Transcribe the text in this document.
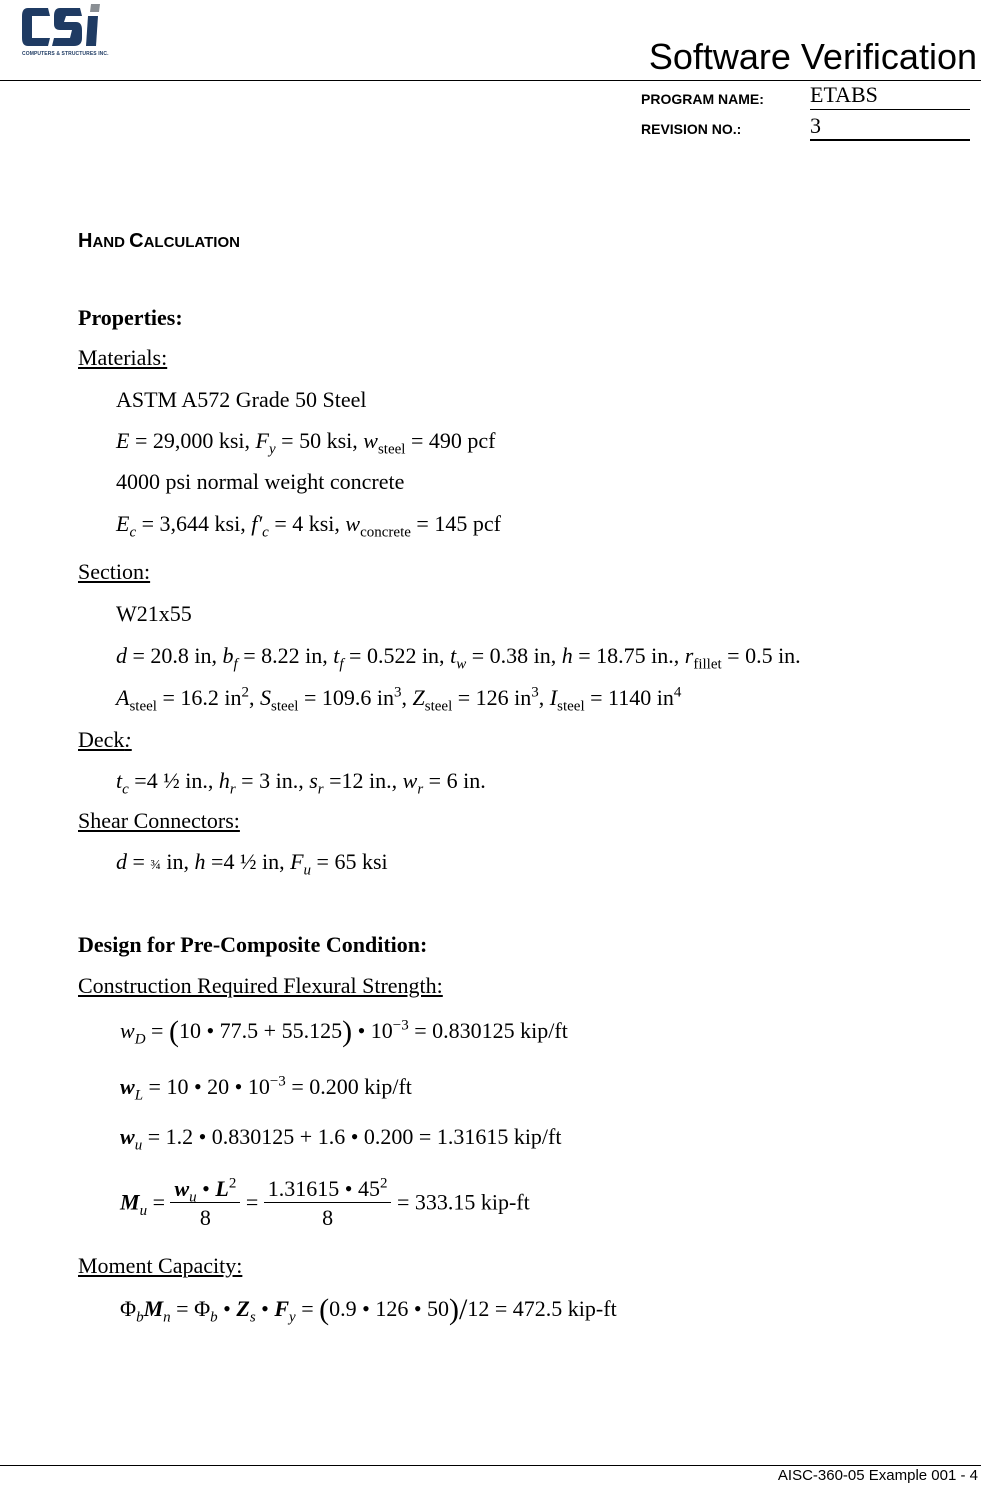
COMPUTERS & STRUCTURES INC.	Software Verification
PROGRAM NAME: ETABS
REVISION NO.:	3
HAND CALCULATION
Properties:
Materials:
ASTM A572 Grade 50 Steel
E = 29,000 ksi, $F_y = 50$ ksi, $w_{steel} = 490$ pcf
4000 psi normal weight concrete
$E_c = 3,644$ ksi, $f'_c = 4$ ksi, $w_{concrete} = 145$ pcf
Section:
W21x55
d = 20.8 in, $b_f = 8.22$ in, $t_f = 0.522$ in, $t_w = 0.38$ in, h = 18.75 in., $r_{fillet} = 0.5$ in.
$A_{steel} = 16.2$ $in^2$, $S_{steel} = 109.6$ $in^3$, $Z_{steel} = 126$ $in^3$, $I_{steel} = 1140$ $in^4$
Deck:
$t_c =4$ ½ in., $h_r = 3$ in., $s_r =12$ in., $w_r = 6$ in.
Shear Connectors:
d = ¾ in, h =4 ½ in, $F_u = 65$ ksi
Design for Pre-Composite Condition:
Construction Required Flexural Strength:
$w_D = (10$ • 77.5 + 55.125) • $10^{-3} = 0.830125$ kip/ft
$w_L = 10$ • 20 • $10^{-3} = 0.200$ kip/ft
$w_u = 1.2$ • 0.830125 + 1.6 • 0.200 = 1.31615 kip/ft
$M_u = \frac{w_u • L^2}{8} = \frac{1.31615 • 45^2}{8} = 333.15$ kip-ft
Moment Capacity:
$\Phi_bM_n = \Phi_b$ • $Z_s$ • $F_y = (0.9$ • 126 • 50)/12 = 472.5 kip-ft
AISC-360-05 Example 001 - 4
